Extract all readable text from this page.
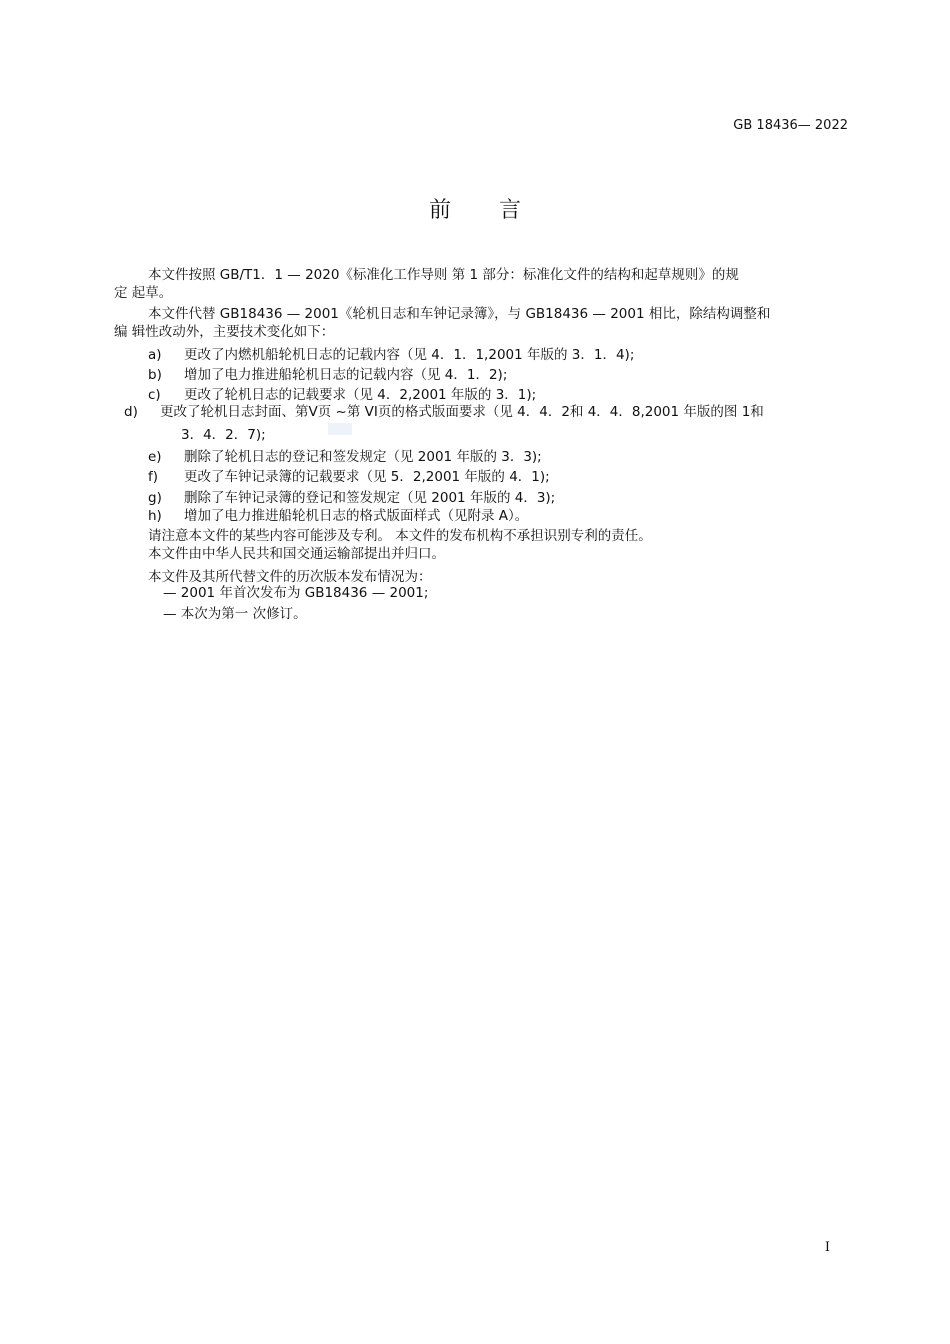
GB 18436— 2022
前言
本文件按照 GB/T1．1 — 2020《标准化工作导则 第 1 部分：标准化文件的结构和起草规则》的规
定 起草。
本文件代替 GB18436 — 2001《轮机日志和车钟记录簿》，与 GB18436 — 2001 相比，除结构调整和
编 辑性改动外，主要技术变化如下：
a) 更改了内燃机船轮机日志的记载内容（见 4．1．1,2001 年版的 3．1．4);
b) 增加了电力推进船轮机日志的记载内容（见 4．1．2);
c) 更改了轮机日志的记载要求（见 4．2,2001 年版的 3．1);
d) 更改了轮机日志封面、第Ⅴ页 ~第 VI页的格式版面要求（见 4．4．2和 4．4．8,2001 年版的图 1和
3．4．2．7);
e) 删除了轮机日志的登记和签发规定（见 2001 年版的 3．3);
f) 更改了车钟记录簿的记载要求（见 5．2,2001 年版的 4．1);
g) 删除了车钟记录簿的登记和签发规定（见 2001 年版的 4．3);
h) 增加了电力推进船轮机日志的格式版面样式（见附录 A）。
请注意本文件的某些内容可能涉及专利。 本文件的发布机构不承担识别专利的责任。
本文件由中华人民共和国交通运输部提出并归口。
本文件及其所代替文件的历次版本发布情况为：
— 2001 年首次发布为 GB18436 — 2001;
— 本次为第一 次修订。
I
